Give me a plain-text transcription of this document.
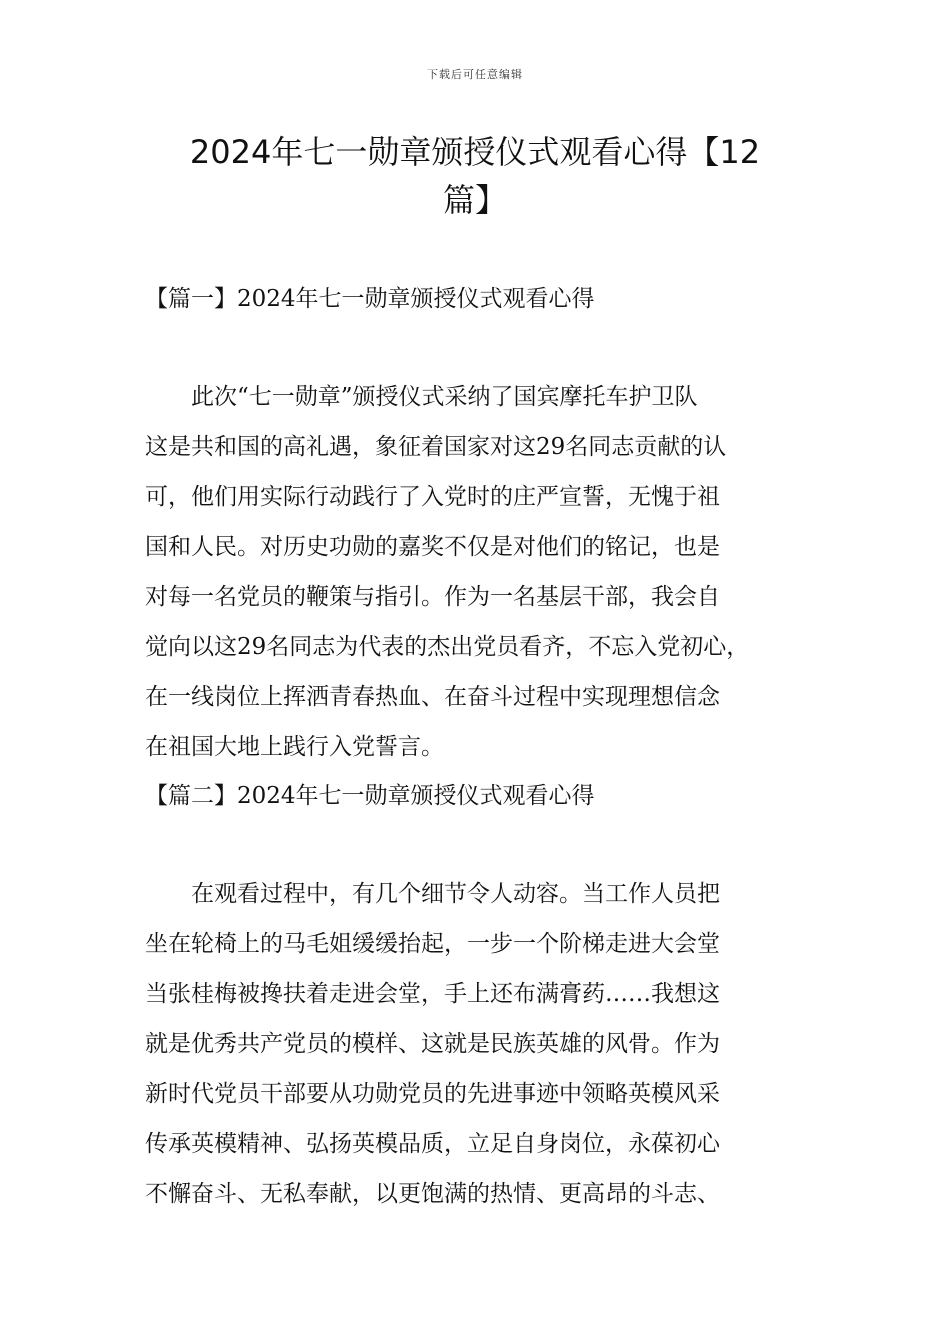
下载后可任意编辑
2024年七一勋章颁授仪式观看心得【12
篇】
【篇一】2024年七一勋章颁授仪式观看心得
　　此次“七一勋章”颁授仪式采纳了国宾摩托车护卫队
这是共和国的高礼遇，象征着国家对这29名同志贡献的认
可，他们用实际行动践行了入党时的庄严宣誓，无愧于祖
国和人民。对历史功勋的嘉奖不仅是对他们的铭记，也是
对每一名党员的鞭策与指引。作为一名基层干部，我会自
觉向以这29名同志为代表的杰出党员看齐，不忘入党初心，
在一线岗位上挥洒青春热血、在奋斗过程中实现理想信念
在祖国大地上践行入党誓言。
【篇二】2024年七一勋章颁授仪式观看心得
　　在观看过程中，有几个细节令人动容。当工作人员把
坐在轮椅上的马毛姐缓缓抬起，一步一个阶梯走进大会堂
当张桂梅被搀扶着走进会堂，手上还布满膏药……我想这
就是优秀共产党员的模样、这就是民族英雄的风骨。作为
新时代党员干部要从功勋党员的先进事迹中领略英模风采
传承英模精神、弘扬英模品质，立足自身岗位，永葆初心
不懈奋斗、无私奉献，以更饱满的热情、更高昂的斗志、
